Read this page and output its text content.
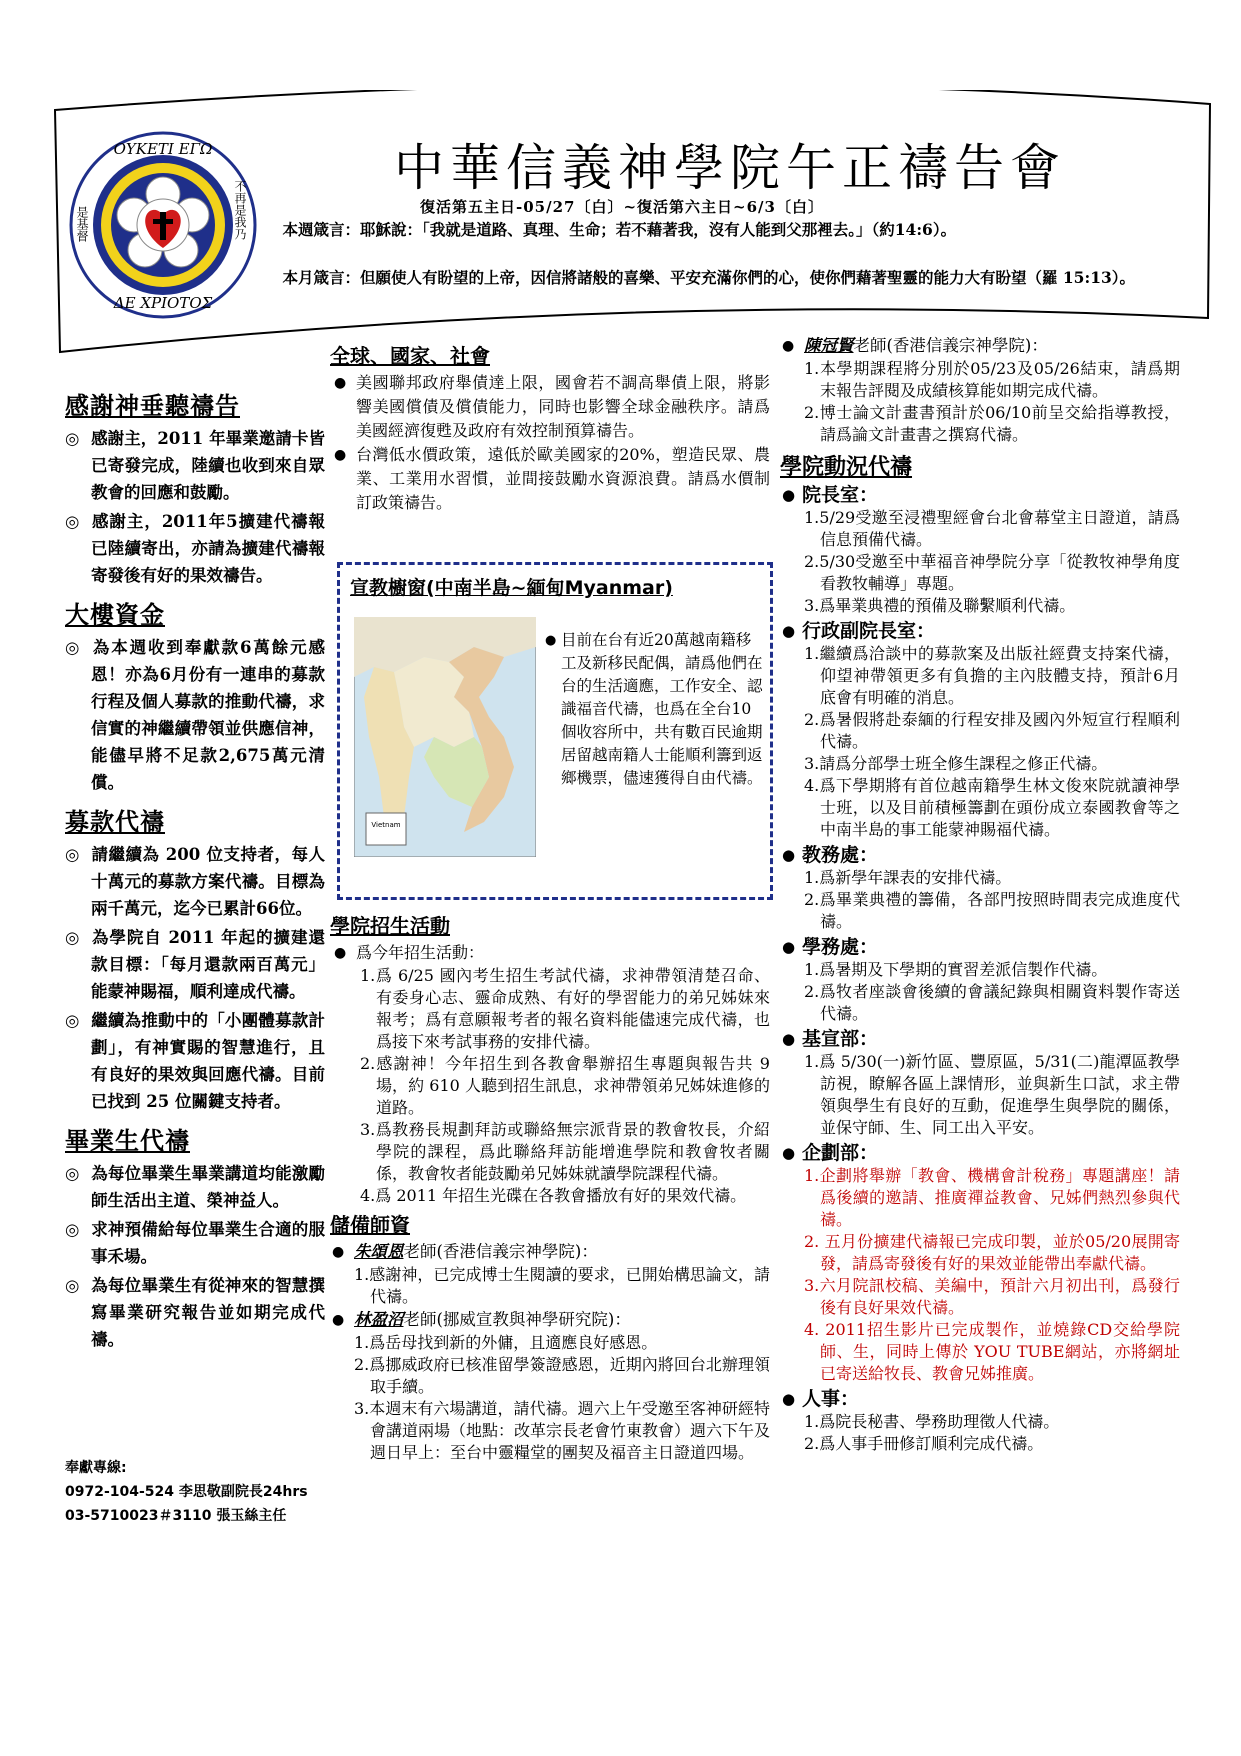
ΟΥΚΕΤΙ ΕΓΩ
ΔΕ ΧΡΙΟΤΟΣ
是基督	不再是我乃
中華信義神學院午正禱告會
復活第五主日-05/27〔白〕~復活第六主日~6/3〔白〕
本週箴言：耶穌說：「我就是道路、真理、生命；若不藉著我，沒有人能到父那裡去。」（約14:6）。
本月箴言：但願使人有盼望的上帝，因信將諸般的喜樂、平安充滿你們的心，使你們藉著聖靈的能力大有盼望（羅 15:13）。
感謝神垂聽禱告
◎ 感謝主，2011 年畢業邀請卡皆已寄發完成，陸續也收到來自眾教會的回應和鼓勵。
◎ 感謝主，2011年5擴建代禱報已陸續寄出，亦請為擴建代禱報寄發後有好的果效禱告。
大樓資金
◎ 為本週收到奉獻款6萬餘元感恩！亦為6月份有一連串的募款行程及個人募款的推動代禱，求信實的神繼續帶領並供應信神，能儘早將不足款2,675萬元清償。
募款代禱
◎ 請繼續為 200 位支持者，每人十萬元的募款方案代禱。目標為兩千萬元，迄今已累計66位。
◎ 為學院自 2011 年起的擴建還款目標：「每月還款兩百萬元」能蒙神賜福，順利達成代禱。
◎ 繼續為推動中的「小團體募款計劃」，有神實賜的智慧進行，且有良好的果效與回應代禱。目前已找到 25 位關鍵支持者。
畢業生代禱
◎ 為每位畢業生畢業講道均能激勵師生活出主道、榮神益人。
◎ 求神預備給每位畢業生合適的服事禾場。
◎ 為每位畢業生有從神來的智慧撰寫畢業研究報告並如期完成代禱。
奉獻專線:
0972-104-524 李思敬副院長24hrs
03-5710023＃3110 張玉絲主任
全球、國家、社會
● 美國聯邦政府舉債達上限，國會若不調高舉債上限，將影響美國償債及償債能力，同時也影響全球金融秩序。請爲美國經濟復甦及政府有效控制預算禱告。
● 台灣低水價政策，遠低於歐美國家的20%，塑造民眾、農業、工業用水習慣，並間接鼓勵水資源浪費。請爲水價制訂政策禱告。
宣教櫥窗(中南半島~緬甸Myanmar)
Vietnam
● 目前在台有近20萬越南籍移工及新移民配偶，請爲他們在台的生活適應，工作安全、認識福音代禱，也爲在全台10個收容所中，共有數百民逾期居留越南籍人士能順利籌到返鄉機票，儘速獲得自由代禱。
學院招生活動
● 爲今年招生活動：
1.爲 6/25 國內考生招生考試代禱，求神帶領清楚召命、有委身心志、靈命成熟、有好的學習能力的弟兄姊妹來報考；爲有意願報考者的報名資料能儘速完成代禱，也爲接下來考試事務的安排代禱。
2.感謝神！今年招生到各教會舉辦招生專題與報告共 9 場，約 610 人聽到招生訊息，求神帶領弟兄姊妹進修的道路。
3.爲教務長規劃拜訪或聯絡無宗派背景的教會牧長，介紹學院的課程，爲此聯絡拜訪能增進學院和教會牧者關係，教會牧者能鼓勵弟兄姊妹就讀學院課程代禱。
4.爲 2011 年招生光碟在各教會播放有好的果效代禱。
儲備師資
● 朱頌恩老師(香港信義宗神學院)：
1.感謝神，已完成博士生閱讀的要求，已開始構思論文，請代禱。
● 林盈沼老師(挪威宣教與神學研究院)：
1.爲岳母找到新的外傭，且適應良好感恩。
2.爲挪威政府已核准留學簽證感恩，近期內將回台北辦理領取手續。
3.本週末有六場講道，請代禱。週六上午受邀至客神研經特會講道兩場（地點：改革宗長老會竹東教會）週六下午及週日早上：至台中靈糧堂的團契及福音主日證道四場。
● 陳冠賢老師(香港信義宗神學院)：
1.本學期課程將分別於05/23及05/26結束，請爲期末報告評閱及成績核算能如期完成代禱。
2.博士論文計畫書預計於06/10前呈交給指導教授，請爲論文計畫書之撰寫代禱。
學院動況代禱
● 院長室：
1.5/29受邀至浸禮聖經會台北會幕堂主日證道，請爲信息預備代禱。
2.5/30受邀至中華福音神學院分享「從教牧神學角度看教牧輔導」專題。
3.爲畢業典禮的預備及聯繫順利代禱。
● 行政副院長室：
1.繼續爲洽談中的募款案及出版社經費支持案代禱，仰望神帶領更多有負擔的主內肢體支持，預計6月底會有明確的消息。
2.爲暑假將赴泰緬的行程安排及國內外短宣行程順利代禱。
3.請爲分部學士班全修生課程之修正代禱。
4.爲下學期將有首位越南籍學生林文俊來院就讀神學士班，以及目前積極籌劃在頭份成立泰國教會等之中南半島的事工能蒙神賜福代禱。
● 教務處：
1.爲新學年課表的安排代禱。
2.爲畢業典禮的籌備，各部門按照時間表完成進度代禱。
● 學務處：
1.爲暑期及下學期的實習差派信製作代禱。
2.爲牧者座談會後續的會議紀錄與相關資料製作寄送代禱。
● 基宣部：
1.爲 5/30(一)新竹區、豐原區，5/31(二)龍潭區教學訪視，瞭解各區上課情形，並與新生口試，求主帶領與學生有良好的互動，促進學生與學院的關係，並保守師、生、同工出入平安。
● 企劃部：
1.企劃將舉辦「教會、機構會計稅務」專題講座！請爲後續的邀請、推廣禪益教會、兄姊們熱烈參與代禱。
2. 五月份擴建代禱報已完成印製，並於05/20展開寄發，請爲寄發後有好的果效並能帶出奉獻代禱。
3.六月院訊校稿、美編中，預計六月初出刊，爲發行後有良好果效代禱。
4. 2011招生影片已完成製作，並燒錄CD交給學院師、生，同時上傳於 YOU TUBE網站，亦將網址已寄送給牧長、教會兄姊推廣。
● 人事：
1.爲院長秘書、學務助理徵人代禱。
2.爲人事手冊修訂順利完成代禱。
